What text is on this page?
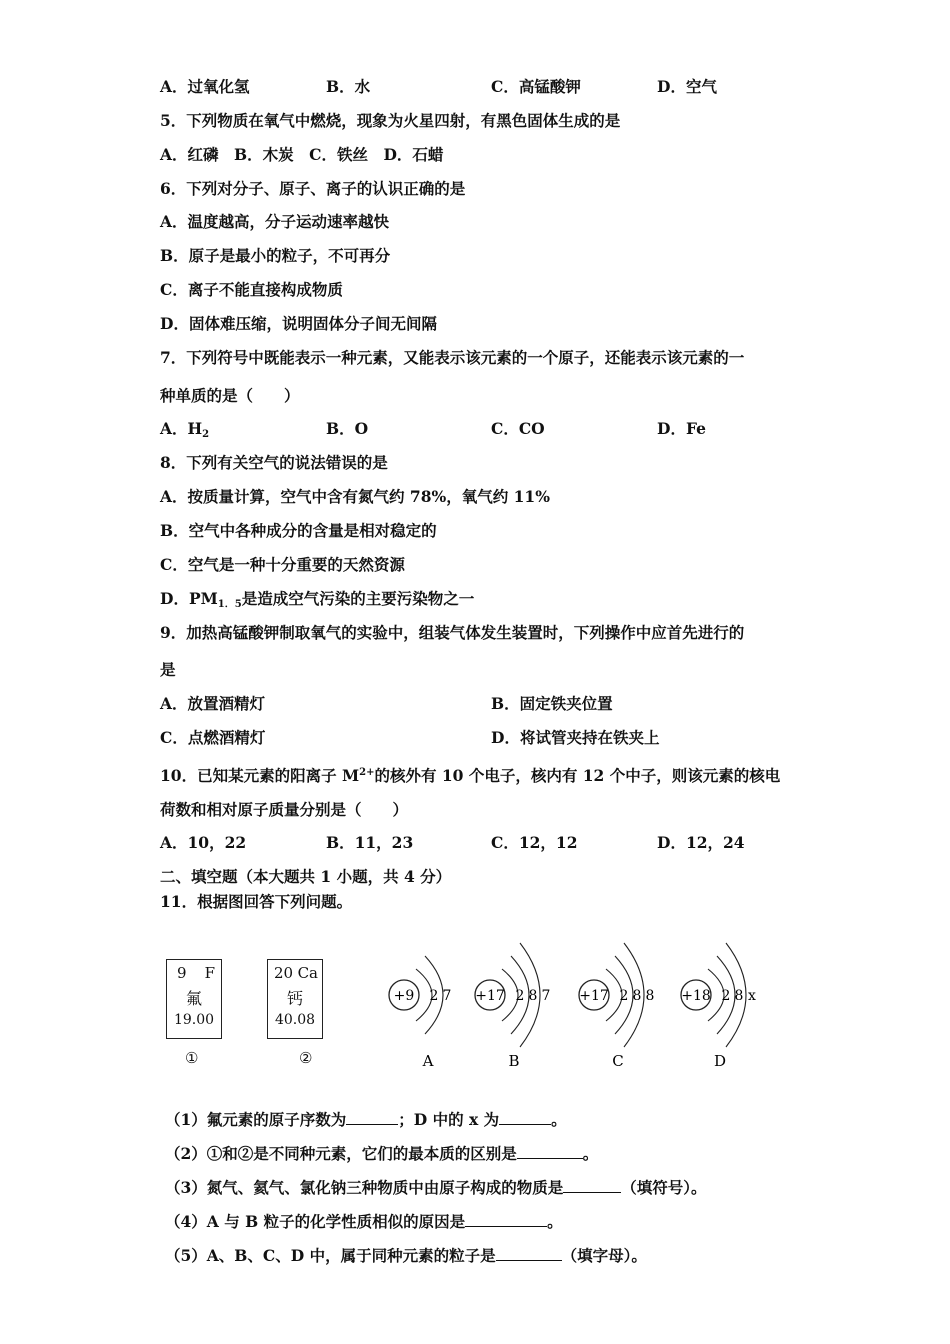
A．过氧化氢	B．水	C．高锰酸钾	D．空气
5．下列物质在氧气中燃烧，现象为火星四射，有黑色固体生成的是
A．红磷　B．木炭　C．铁丝　D．石蜡
6．下列对分子、原子、离子的认识正确的是
A．温度越高，分子运动速率越快
B．原子是最小的粒子，不可再分
C．离子不能直接构成物质
D．固体难压缩，说明固体分子间无间隔
7．下列符号中既能表示一种元素，又能表示该元素的一个原子，还能表示该元素的一
种单质的是（　　）
A．$H_2$	B．O	C．CO	D．Fe
8．下列有关空气的说法错误的是
A．按质量计算，空气中含有氮气约 78%，氧气约 11%
B．空气中各种成分的含量是相对稳定的
C．空气是一种十分重要的天然资源
D．$PM_{1.5}$是造成空气污染的主要污染物之一
9．加热高锰酸钾制取氧气的实验中，组装气体发生装置时，下列操作中应首先进行的
是
A．放置酒精灯	B．固定铁夹位置
C．点燃酒精灯	D．将试管夹持在铁夹上
10．已知某元素的阳离子 $M^{2+}$的核外有 10 个电子，核内有 12 个中子，则该元素的核电
荷数和相对原子质量分别是（　　）
A．10，22	B．11，23	C．12，12	D．12，24
二、填空题（本大题共 1 小题，共 4 分）
11．根据图回答下列问题。
9 F
氟
19.00
20 Ca
钙
40.08
①	②
+9 2 7
A
+17 2 8 7
B
+17 2 8 8
C
+18 2 8 x
D
（1）氟元素的原子序数为	；D 中的 x 为	。
（2）①和②是不同种元素，它们的最本质的区别是	。
（3）氮气、氦气、氯化钠三种物质中由原子构成的物质是	（填符号）。
（4）A 与 B 粒子的化学性质相似的原因是	。
（5）A、B、C、D 中，属于同种元素的粒子是	（填字母）。
